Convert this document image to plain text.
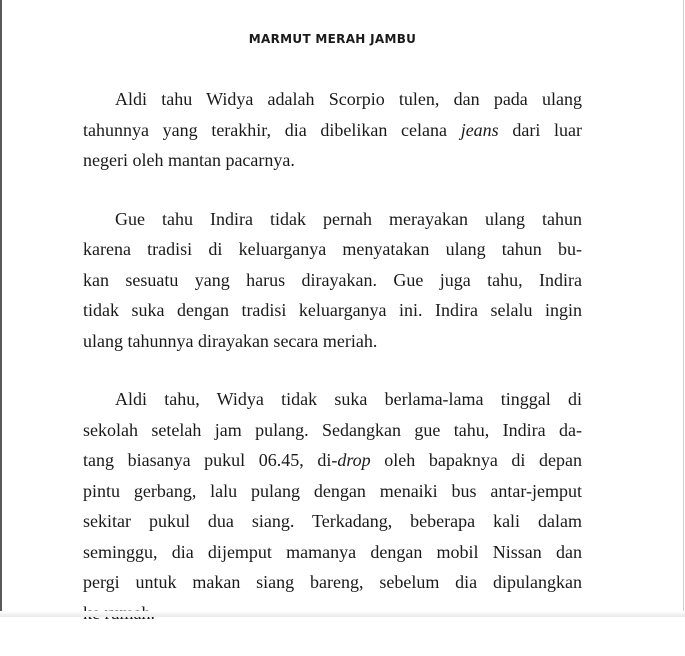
MARMUT MERAH JAMBU

Aldi tahu Widya adalah Scorpio tulen, dan pada ulang
tahunnya yang terakhir, dia dibelikan celana jeans dari luar
negeri oleh mantan pacarnya.

Gue tahu Indira tidak pernah merayakan ulang tahun
karena tradisi di keluarganya menyatakan ulang tahun bu-
kan sesuatu yang harus dirayakan. Gue juga tahu, Indira
tidak suka dengan tradisi keluarganya ini. Indira selalu ingin
ulang tahunnya dirayakan secara meriah.

Aldi tahu, Widya tidak suka berlama-lama tinggal di
sekolah setelah jam pulang. Sedangkan gue tahu, Indira da-
tang biasanya pukul 06.45, di-drop oleh bapaknya di depan
pintu gerbang, lalu pulang dengan menaiki bus antar-jemput
sekitar pukul dua siang. Terkadang, beberapa kali dalam
seminggu, dia dijemput mamanya dengan mobil Nissan dan
pergi untuk makan siang bareng, sebelum dia dipulangkan
